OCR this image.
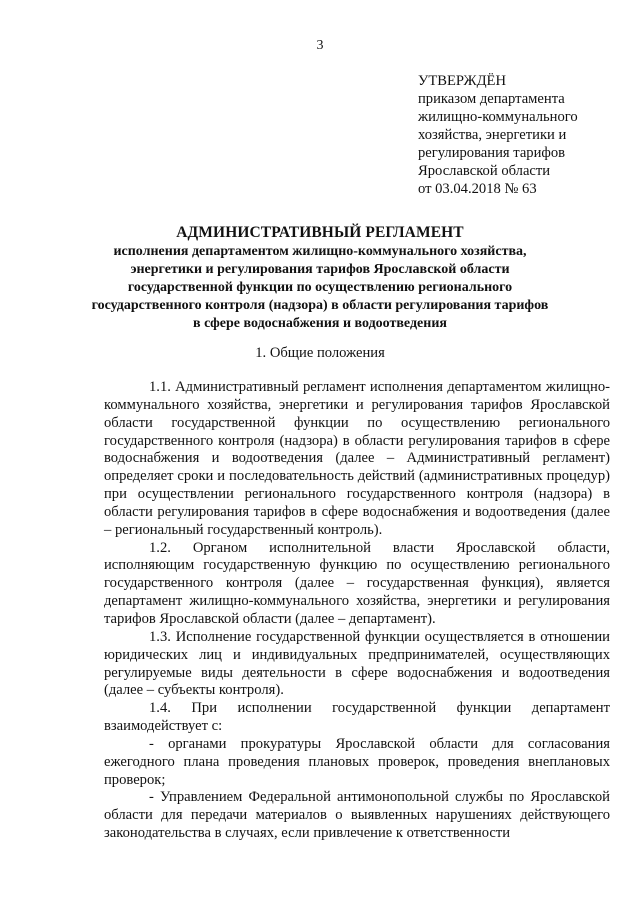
3
УТВЕРЖДЁН
приказом департамента
жилищно-коммунального
хозяйства, энергетики и
регулирования тарифов
Ярославской области
от 03.04.2018 № 63
АДМИНИСТРАТИВНЫЙ РЕГЛАМЕНТ
исполнения департаментом жилищно-коммунального хозяйства,
энергетики и регулирования тарифов Ярославской области
государственной функции по осуществлению регионального
государственного контроля (надзора) в области регулирования тарифов
в сфере водоснабжения и водоотведения
1. Общие положения

1.1. Административный регламент исполнения департаментом жилищно-коммунального хозяйства, энергетики и регулирования тарифов Ярославской области государственной функции по осуществлению регионального государственного контроля (надзора) в области регулирования тарифов в сфере водоснабжения и водоотведения (далее – Административный регламент) определяет сроки и последовательность действий (административных процедур) при осуществлении регионального государственного контроля (надзора) в области регулирования тарифов в сфере водоснабжения и водоотведения (далее – региональный государственный контроль).

1.2. Органом исполнительной власти Ярославской области, исполняющим государственную функцию по осуществлению регионального государственного контроля (далее – государственная функция), является департамент жилищно-коммунального хозяйства, энергетики и регулирования тарифов Ярославской области (далее – департамент).

1.3. Исполнение государственной функции осуществляется в отношении юридических лиц и индивидуальных предпринимателей, осуществляющих регулируемые виды деятельности в сфере водоснабжения и водоотведения (далее – субъекты контроля).

1.4. При исполнении государственной функции департамент взаимодействует с:

- органами прокуратуры Ярославской области для согласования ежегодного плана проведения плановых проверок, проведения внеплановых проверок;

- Управлением Федеральной антимонопольной службы по Ярославской области для передачи материалов о выявленных нарушениях действующего законодательства в случаях, если привлечение к ответственности
